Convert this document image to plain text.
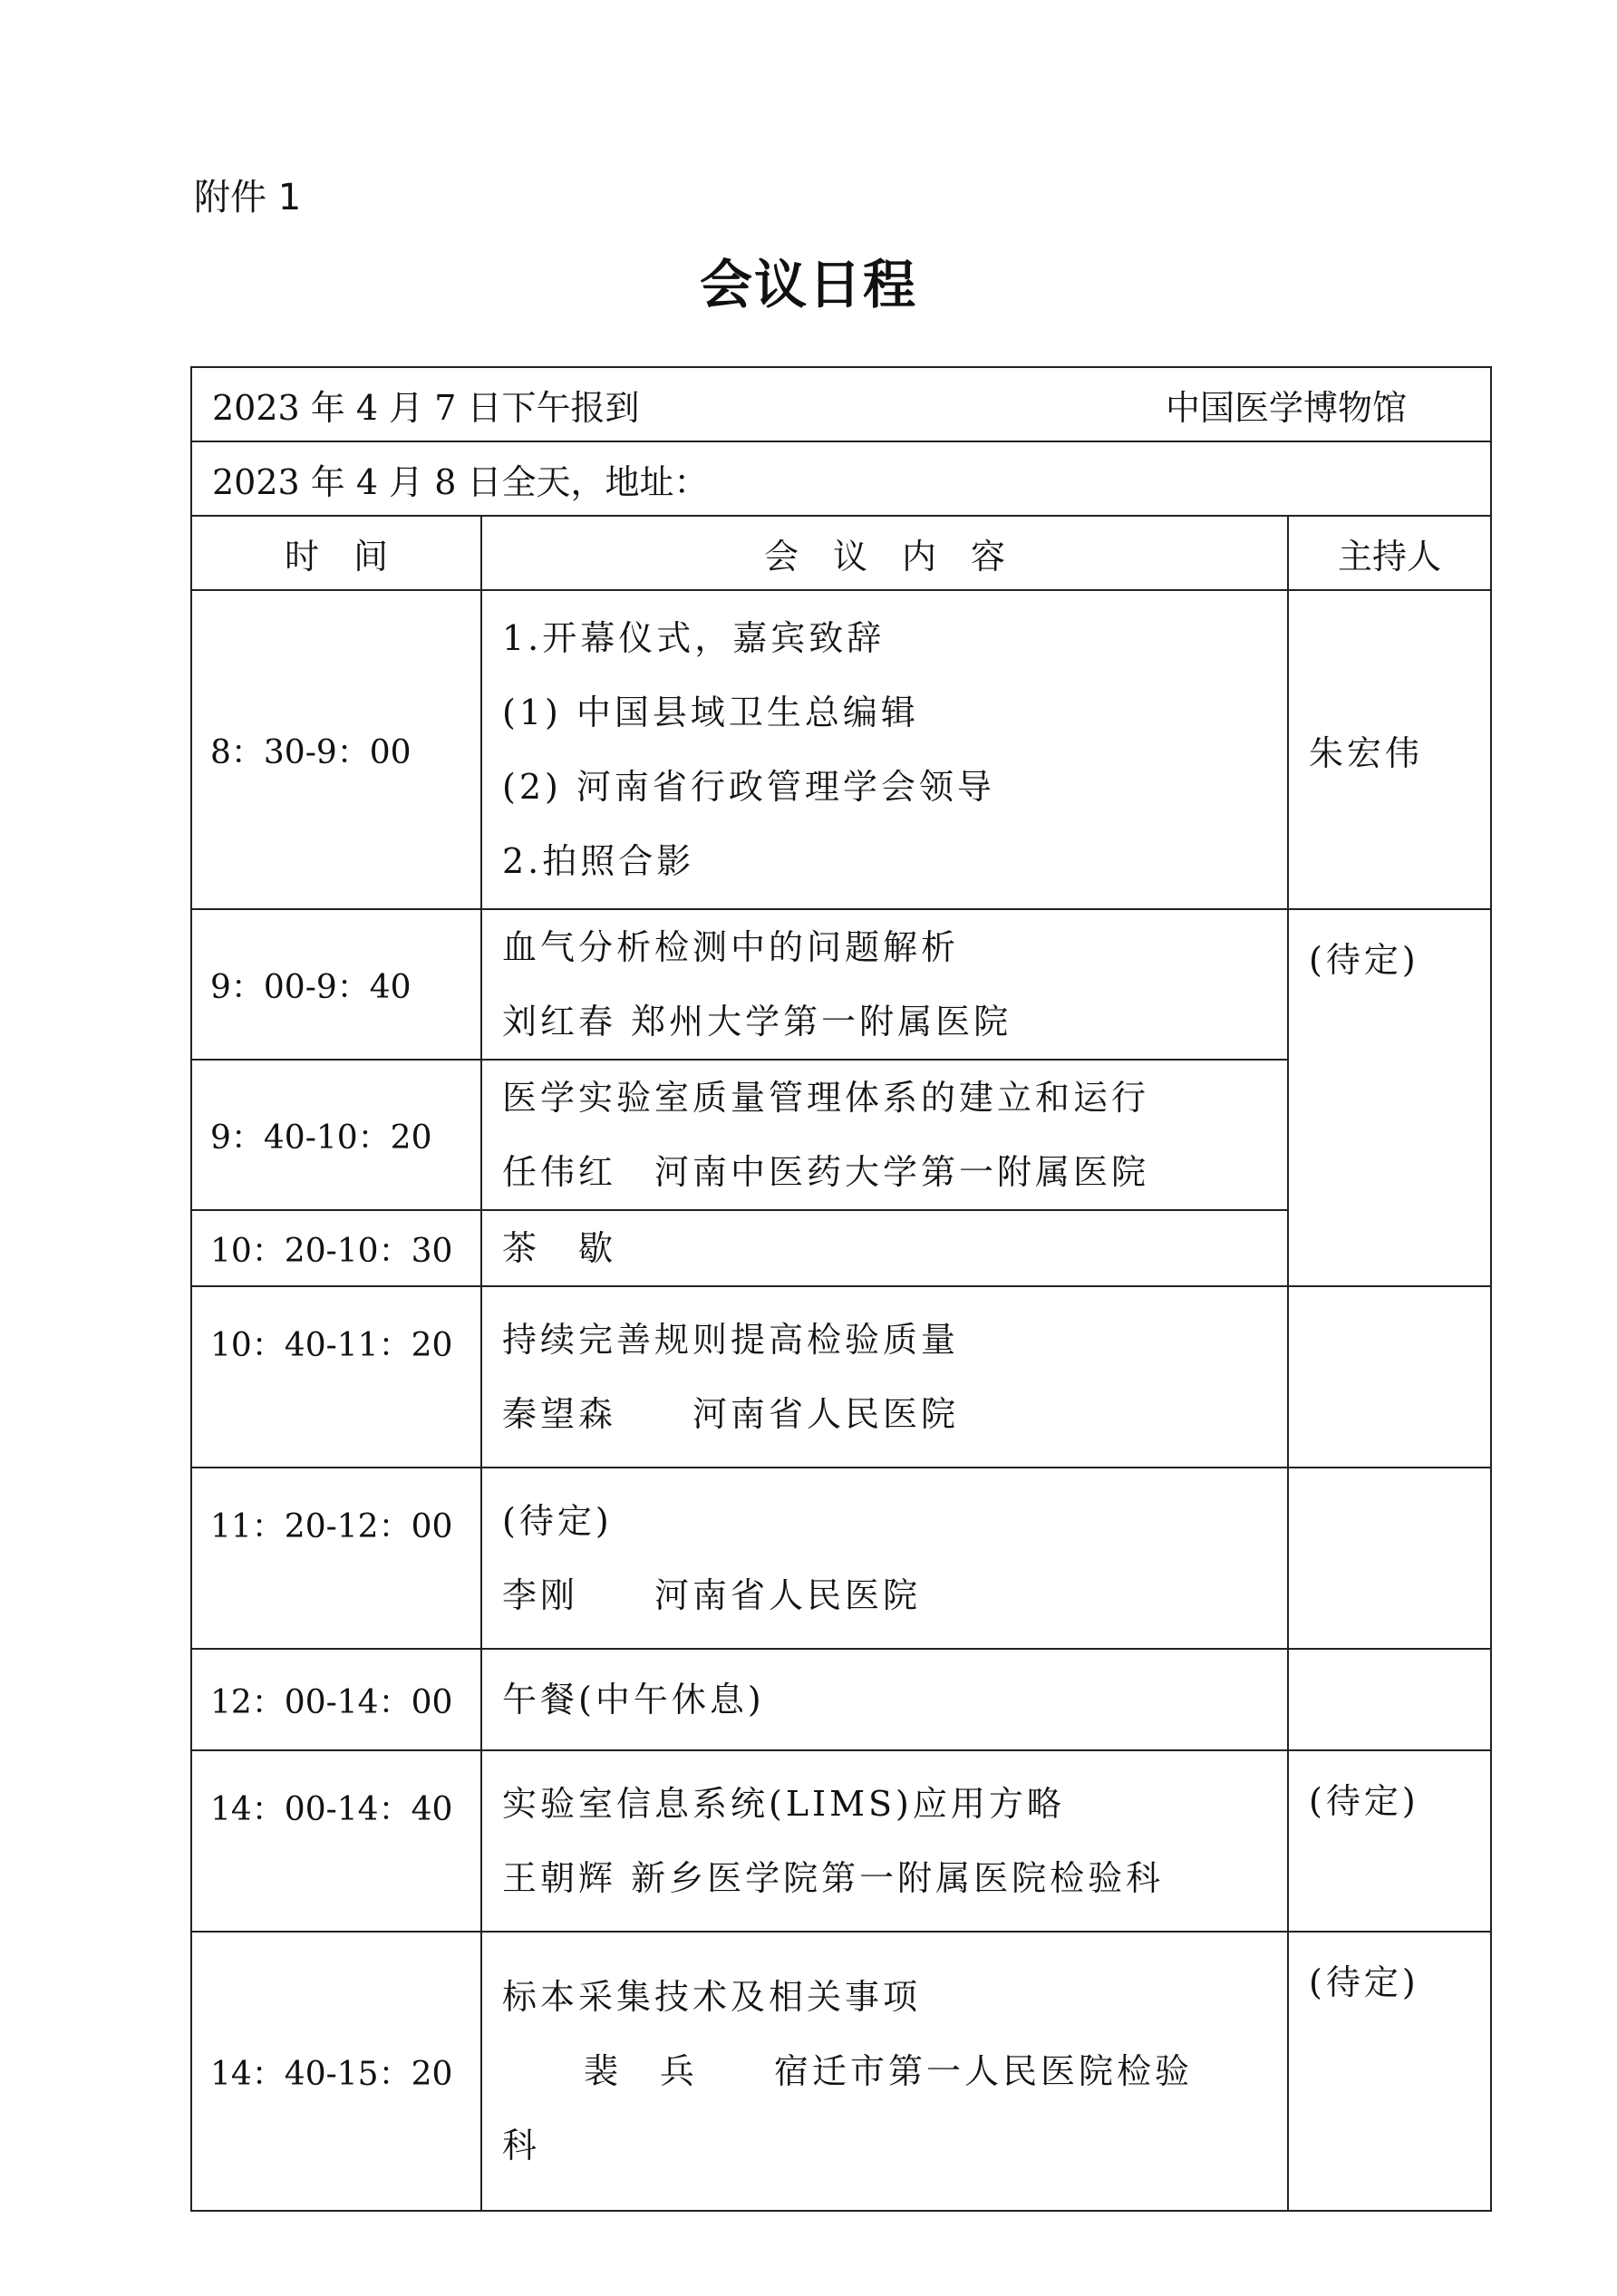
附件 1

会议日程
2023 年 4 月 7 日下午报到 中国医学博物馆		

2023 年 4 月 8 日全天，地址：		
时　间	会　议　内　容	主持人
8：30-9：00	1.开幕仪式，嘉宾致辞
(1) 中国县域卫生总编辑
(2) 河南省行政管理学会领导
2.拍照合影	朱宏伟
9：00-9：40	血气分析检测中的问题解析
刘红春 郑州大学第一附属医院	(待定)
9：40-10：20	医学实验室质量管理体系的建立和运行
任伟红　河南中医药大学第一附属医院	

10：20-10：30	茶　歇	

10：40-11：20	持续完善规则提高检验质量
秦望森　　河南省人民医院	

11：20-12：00	(待定)
李刚　　河南省人民医院	

12：00-14：00	午餐(中午休息)	

14：00-14：40	实验室信息系统(LIMS)应用方略
王朝辉 新乡医学院第一附属医院检验科	(待定)
14：40-15：20	标本采集技术及相关事项
裴　兵　　宿迁市第一人民医院检验
科	(待定)
